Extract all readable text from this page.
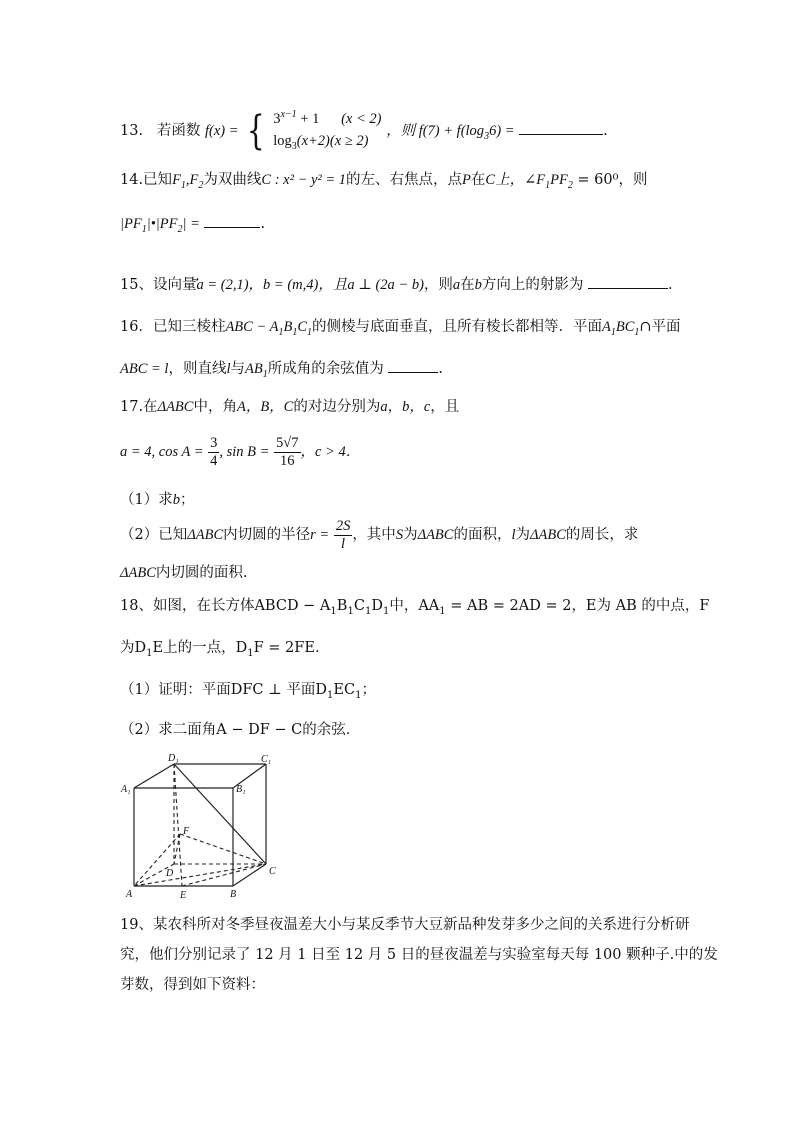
13. 若函数 f(x) = { $3^{x-1} + 1$ (x < 2)
$\log_3(x+2)(x \ge 2)$
，则 $f(7) + f(\log_36)$ =	.
14.已知$F_1,F_2$为双曲线C : x² − y² = 1的左、右焦点，点P在C上，$\angle F_1PF_2 = 60^0$，则
$|PF_1|•|PF_2|$ =	.
15、设向量a = (2,1)，b = (m,4)，且a ⊥ (2a − b)，则a在b方向上的射影为	.
16．已知三棱柱ABC − $A_1B_1C_1$的侧棱与底面垂直，且所有棱长都相等．平面$A_1BC_1\cap$平面
ABC = l，则直线l与$AB_1$所成角的余弦值为	.
17.在ΔABC中，角A，B，C的对边分别为a，b，c，且
a = 4, $\cos A = \frac{3}{4}$ , $\sin B = \frac{5√7}{16}$ ，c > 4．
（1）求b；
（2）已知ΔABC内切圆的半径$r = \frac{2S}{l}$ ，其中S为ΔABC的面积，l为ΔABC的周长，求
ΔABC内切圆的面积.
18、如图，在长方体ABCD − $A_1B_1C_1D_1$中，$AA_1$ = AB = 2AD = 2，E为 AB 的中点，F
为$D_1E$上的一点，$D_1F = 2FE$．
（1）证明：平面DFC ⊥ 平面$D_1EC_1$；
（2）求二面角A − DF − C的余弦．
D₁	C₁
A₁	B₁
F
D
E
C
A	B
19、某农科所对冬季昼夜温差大小与某反季节大豆新品种发芽多少之间的关系进行分析研
究，他们分别记录了 12 月 1 日至 12 月 5 日的昼夜温差与实验室每天每 100 颗种子.中的发
芽数，得到如下资料：
